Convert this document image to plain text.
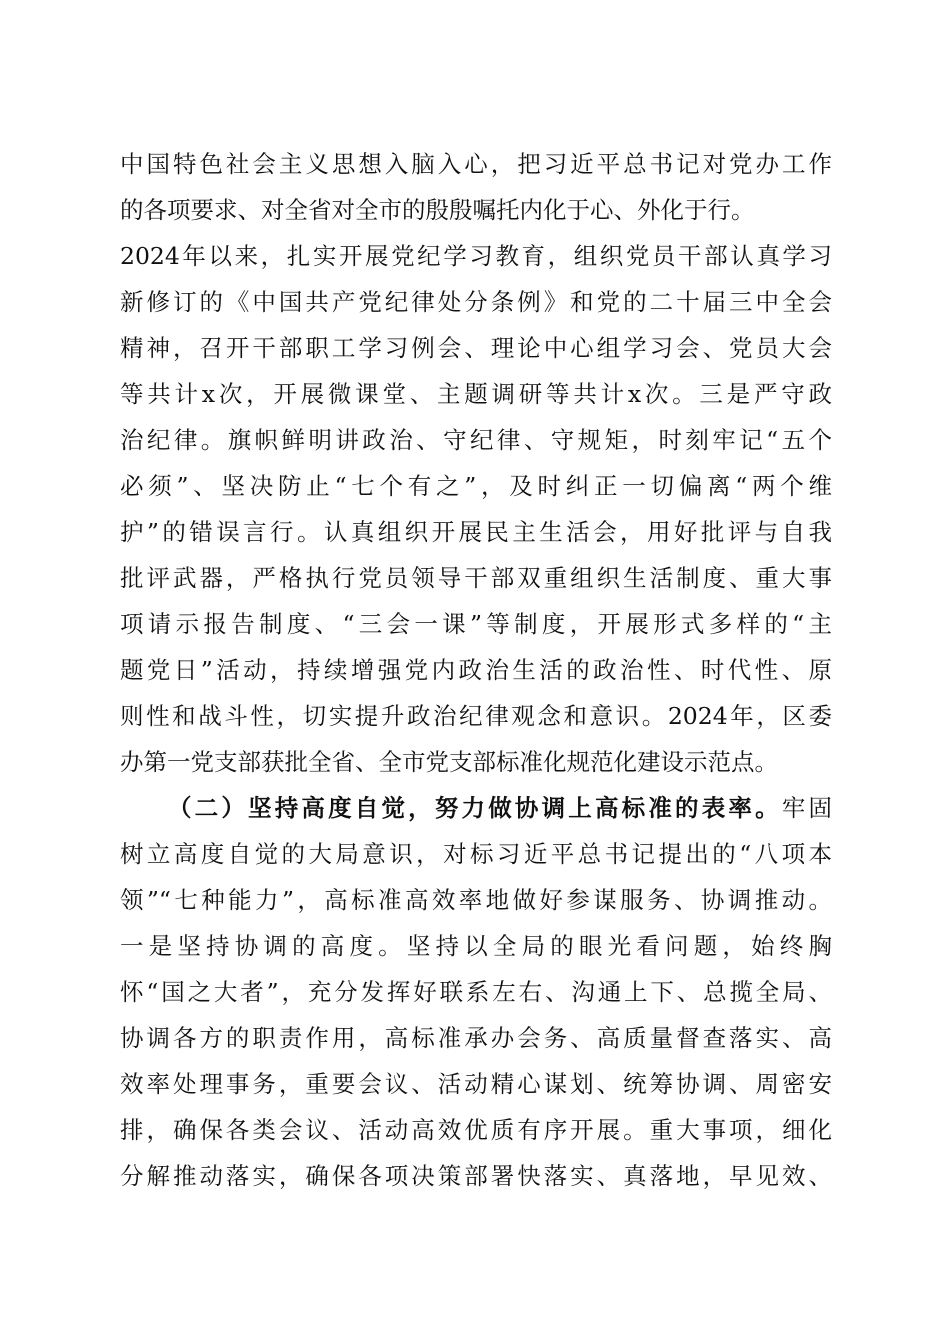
中国特色社会主义思想入脑入心，把习近平总书记对党办工作
的各项要求、对全省对全市的殷殷嘱托内化于心、外化于行。
2024年以来，扎实开展党纪学习教育，组织党员干部认真学习
新修订的《中国共产党纪律处分条例》和党的二十届三中全会
精神，召开干部职工学习例会、理论中心组学习会、党员大会
等共计x次，开展微课堂、主题调研等共计x次。三是严守政
治纪律。旗帜鲜明讲政治、守纪律、守规矩，时刻牢记“五个
必须”、坚决防止“七个有之”，及时纠正一切偏离“两个维
护”的错误言行。认真组织开展民主生活会，用好批评与自我
批评武器，严格执行党员领导干部双重组织生活制度、重大事
项请示报告制度、“三会一课”等制度，开展形式多样的“主
题党日”活动，持续增强党内政治生活的政治性、时代性、原
则性和战斗性，切实提升政治纪律观念和意识。2024年，区委
办第一党支部获批全省、全市党支部标准化规范化建设示范点。
（二）坚持高度自觉，努力做协调上高标准的表率。牢固
树立高度自觉的大局意识，对标习近平总书记提出的“八项本
领”“七种能力”，高标准高效率地做好参谋服务、协调推动。
一是坚持协调的高度。坚持以全局的眼光看问题，始终胸
怀“国之大者”，充分发挥好联系左右、沟通上下、总揽全局、
协调各方的职责作用，高标准承办会务、高质量督查落实、高
效率处理事务，重要会议、活动精心谋划、统筹协调、周密安
排，确保各类会议、活动高效优质有序开展。重大事项，细化
分解推动落实，确保各项决策部署快落实、真落地，早见效、
